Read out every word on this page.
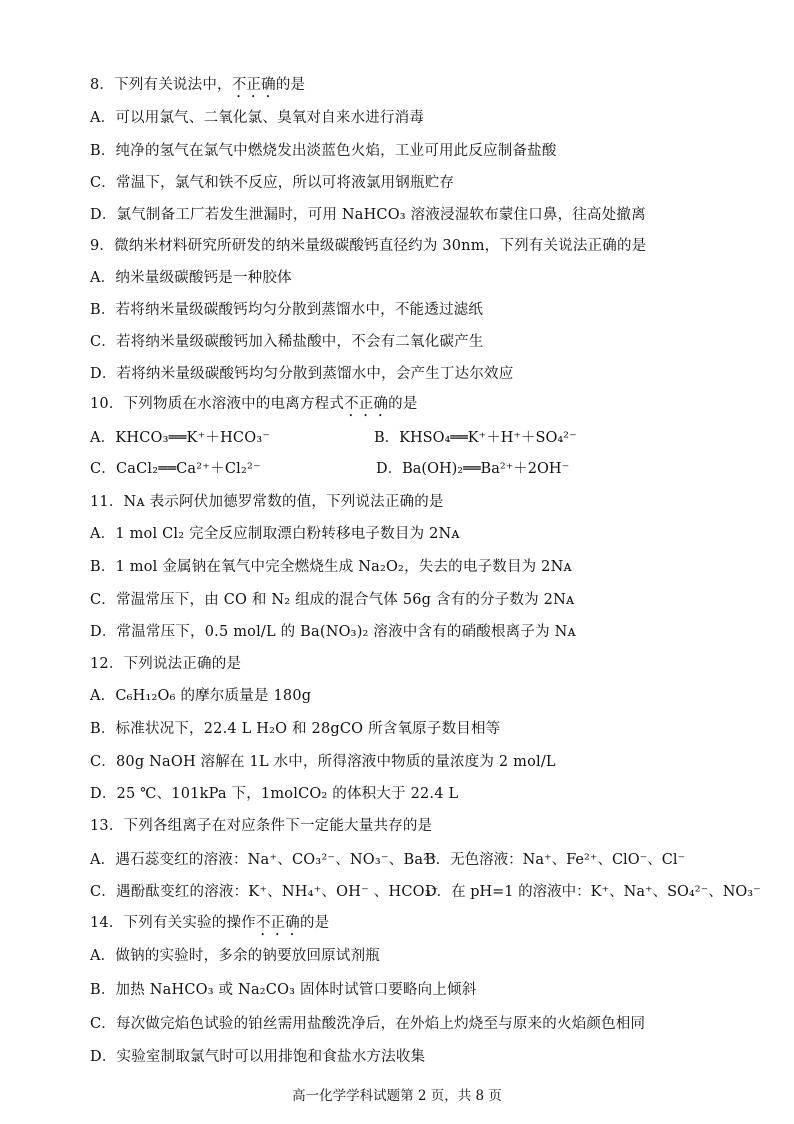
8．下列有关说法中，不正确的是
A．可以用氯气、二氧化氯、臭氧对自来水进行消毒
B．纯净的氢气在氯气中燃烧发出淡蓝色火焰，工业可用此反应制备盐酸
C．常温下，氯气和铁不反应，所以可将液氯用钢瓶贮存
D．氯气制备工厂若发生泄漏时，可用 NaHCO₃ 溶液浸湿软布蒙住口鼻，往高处撤离
9．微纳米材料研究所研发的纳米量级碳酸钙直径约为 30nm，下列有关说法正确的是
A．纳米量级碳酸钙是一种胶体
B．若将纳米量级碳酸钙均匀分散到蒸馏水中，不能透过滤纸
C．若将纳米量级碳酸钙加入稀盐酸中，不会有二氧化碳产生
D．若将纳米量级碳酸钙均匀分散到蒸馏水中，会产生丁达尔效应
10．下列物质在水溶液中的电离方程式不正确的是
A．KHCO₃══K⁺＋HCO₃⁻	B．KHSO₄══K⁺＋H⁺＋SO₄²⁻
C．CaCl₂══Ca²⁺＋Cl₂²⁻	D．Ba(OH)₂══Ba²⁺＋2OH⁻
11．Nᴀ 表示阿伏加德罗常数的值，下列说法正确的是
A．1 mol Cl₂ 完全反应制取漂白粉转移电子数目为 2Nᴀ
B．1 mol 金属钠在氧气中完全燃烧生成 Na₂O₂，失去的电子数目为 2Nᴀ
C．常温常压下，由 CO 和 N₂ 组成的混合气体 56g 含有的分子数为 2Nᴀ
D．常温常压下，0.5 mol/L 的 Ba(NO₃)₂ 溶液中含有的硝酸根离子为 Nᴀ
12．下列说法正确的是
A．C₆H₁₂O₆ 的摩尔质量是 180g
B．标准状况下，22.4 L H₂O 和 28gCO 所含氧原子数目相等
C．80g NaOH 溶解在 1L 水中，所得溶液中物质的量浓度为 2 mol/L
D．25 ℃、101kPa 下，1molCO₂ 的体积大于 22.4 L
13．下列各组离子在对应条件下一定能大量共存的是
A．遇石蕊变红的溶液：Na⁺、CO₃²⁻、NO₃⁻、Ba²⁺
B．无色溶液：Na⁺、Fe²⁺、ClO⁻、Cl⁻
C．遇酚酞变红的溶液：K⁺、NH₄⁺、OH⁻ 、HCO₃⁻
D．在 pH=1 的溶液中：K⁺、Na⁺、SO₄²⁻、NO₃⁻
14．下列有关实验的操作不正确的是
A．做钠的实验时，多余的钠要放回原试剂瓶
B．加热 NaHCO₃ 或 Na₂CO₃ 固体时试管口要略向上倾斜
C．每次做完焰色试验的铂丝需用盐酸洗净后，在外焰上灼烧至与原来的火焰颜色相同
D．实验室制取氯气时可以用排饱和食盐水方法收集
高一化学学科试题第 2 页，共 8 页
